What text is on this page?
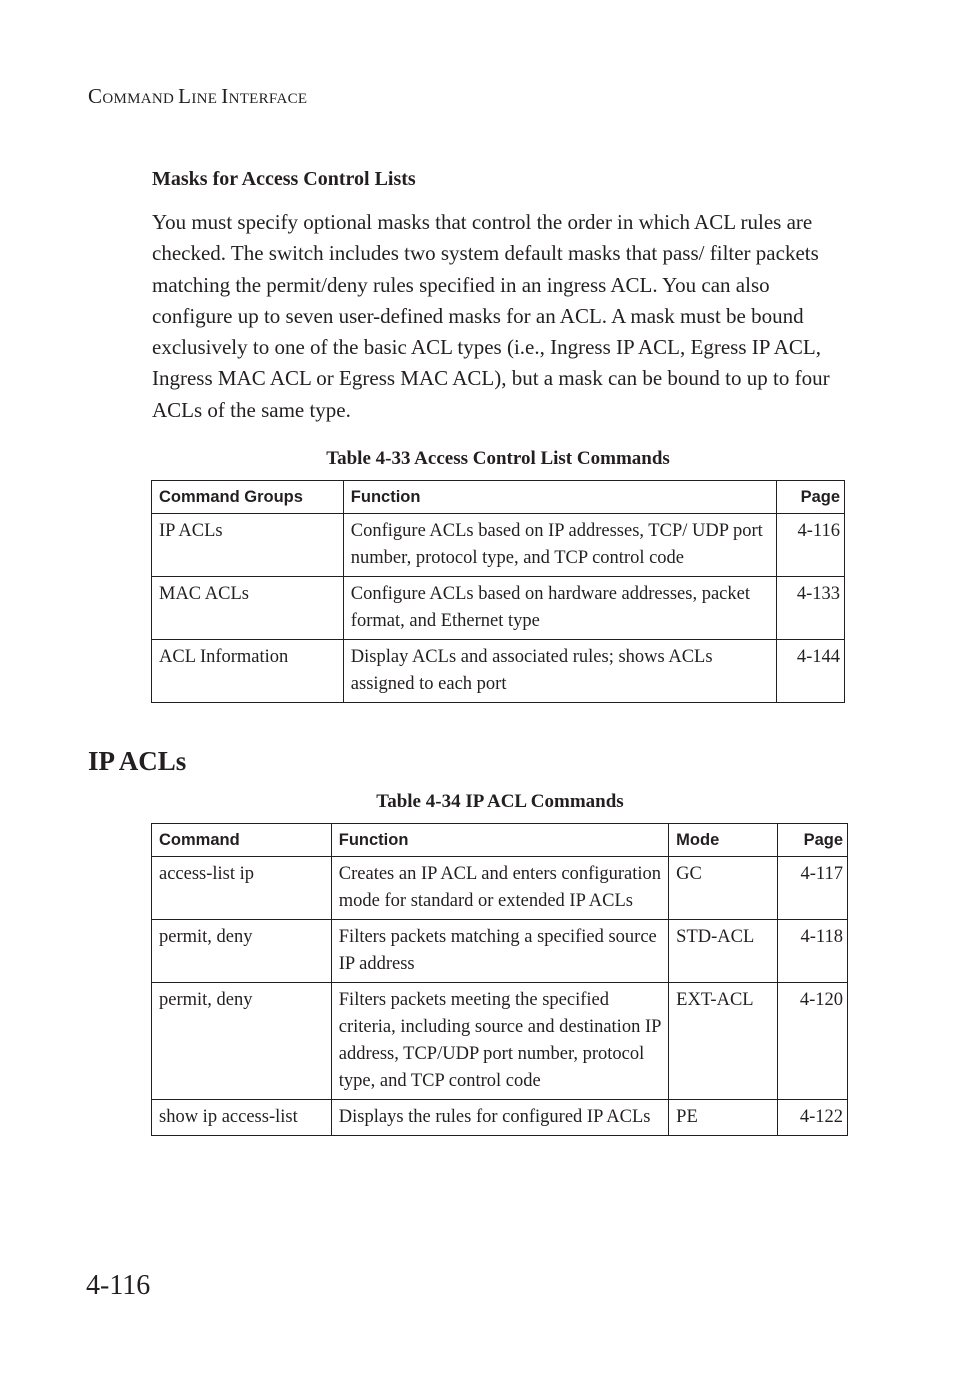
COMMAND LINE INTERFACE
Masks for Access Control Lists

You must specify optional masks that control the order in which ACL rules are checked. The switch includes two system default masks that pass/ filter packets matching the permit/deny rules specified in an ingress ACL. You can also configure up to seven user-defined masks for an ACL. A mask must be bound exclusively to one of the basic ACL types (i.e., Ingress IP ACL, Egress IP ACL, Ingress MAC ACL or Egress MAC ACL), but a mask can be bound to up to four ACLs of the same type.

Table 4-33 Access Control List Commands
Command Groups	Function	Page
IP ACLs	Configure ACLs based on IP addresses, TCP/ UDP port number, protocol type, and TCP control code	4-116
MAC ACLs	Configure ACLs based on hardware addresses, packet format, and Ethernet type	4-133
ACL Information	Display ACLs and associated rules; shows ACLs assigned to each port	4-144
IP ACLs
Table 4-34 IP ACL Commands
Command	Function	Mode	Page
access-list ip	Creates an IP ACL and enters configuration mode for standard or extended IP ACLs	GC	4-117
permit, deny	Filters packets matching a specified source IP address	STD-ACL	4-118
permit, deny	Filters packets meeting the specified criteria, including source and destination IP address, TCP/UDP port number, protocol type, and TCP control code	EXT-ACL	4-120
show ip access-list	Displays the rules for configured IP ACLs	PE	4-122
4-116
